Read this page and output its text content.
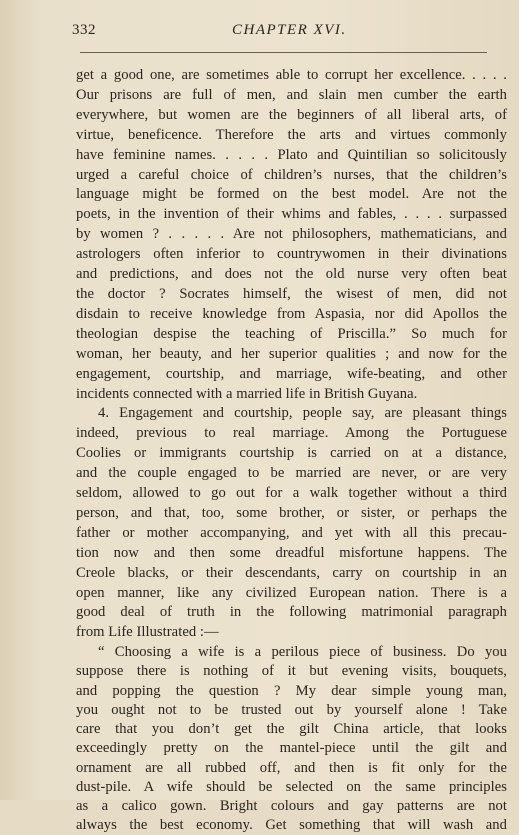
332	CHAPTER XVI.
get a good one, are sometimes able to corrupt her excellence. . . . .
Our prisons are full of men, and slain men cumber the earth
everywhere, but women are the beginners of all liberal arts, of
virtue, beneficence. Therefore the arts and virtues commonly
have feminine names. . . . . Plato and Quintilian so solicitously
urged a careful choice of children’s nurses, that the children’s
language might be formed on the best model. Are not the
poets, in the invention of their whims and fables, . . . . surpassed
by women ? . . . . . Are not philosophers, mathematicians, and
astrologers often inferior to countrywomen in their divinations
and predictions, and does not the old nurse very often beat
the doctor ? Socrates himself, the wisest of men, did not
disdain to receive knowledge from Aspasia, nor did Apollos the
theologian despise the teaching of Priscilla.” So much for
woman, her beauty, and her superior qualities ; and now for the
engagement, courtship, and marriage, wife-beating, and other
incidents connected with a married life in British Guyana.
4. Engagement and courtship, people say, are pleasant things
indeed, previous to real marriage. Among the Portuguese
Coolies or immigrants courtship is carried on at a distance,
and the couple engaged to be married are never, or are very
seldom, allowed to go out for a walk together without a third
person, and that, too, some brother, or sister, or perhaps the
father or mother accompanying, and yet with all this precau-
tion now and then some dreadful misfortune happens. The
Creole blacks, or their descendants, carry on courtship in an
open manner, like any civilized European nation. There is a
good deal of truth in the following matrimonial paragraph
from Life Illustrated :—
“ Choosing a wife is a perilous piece of business. Do you
suppose there is nothing of it but evening visits, bouquets,
and popping the question ? My dear simple young man,
you ought not to be trusted out by yourself alone ! Take
care that you don’t get the gilt China article, that looks
exceedingly pretty on the mantel-piece until the gilt and
ornament are all rubbed off, and then is fit only for the
dust-pile. A wife should be selected on the same principles
as a calico gown. Bright colours and gay patterns are not
always the best economy. Get something that will wash and
